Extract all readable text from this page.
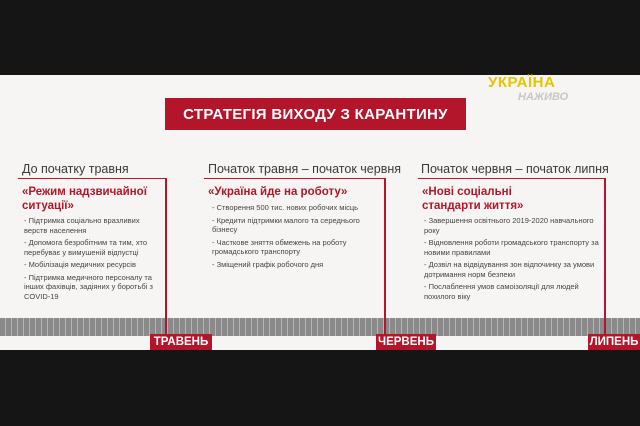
УКРАЇНА
НАЖИВО
СТРАТЕГІЯ ВИХОДУ З КАРАНТИНУ
До початку травня
«Режим надзвичайної ситуації»
- Підтримка соціально вразливих верств населення
- Допомога безробітним та тим, хто перебуває у вимушеній відпустці
- Мобілізація медичних ресурсів
- Підтримка медичного персоналу та інших фахівців, задіяних у боротьбі з COVID-19
Початок травня – початок червня
«Україна йде на роботу»
- Створення 500 тис. нових робочих місць
- Кредити підтримки малого та середнього бізнесу
- Часткове зняття обмежень на роботу громадського транспорту
- Зміщений графік робочого дня
Початок червня – початок липня
«Нові соціальні стандарти життя»
- Завершення освітнього 2019-2020 навчального року
- Відновлення роботи громадського транспорту за новими правилами
- Дозвіл на відвідування зон відпочинку за умови дотримання норм безпеки
- Послаблення умов самоізоляції для людей похилого віку
ТРАВЕНЬ	ЧЕРВЕНЬ	ЛИПЕНЬ
